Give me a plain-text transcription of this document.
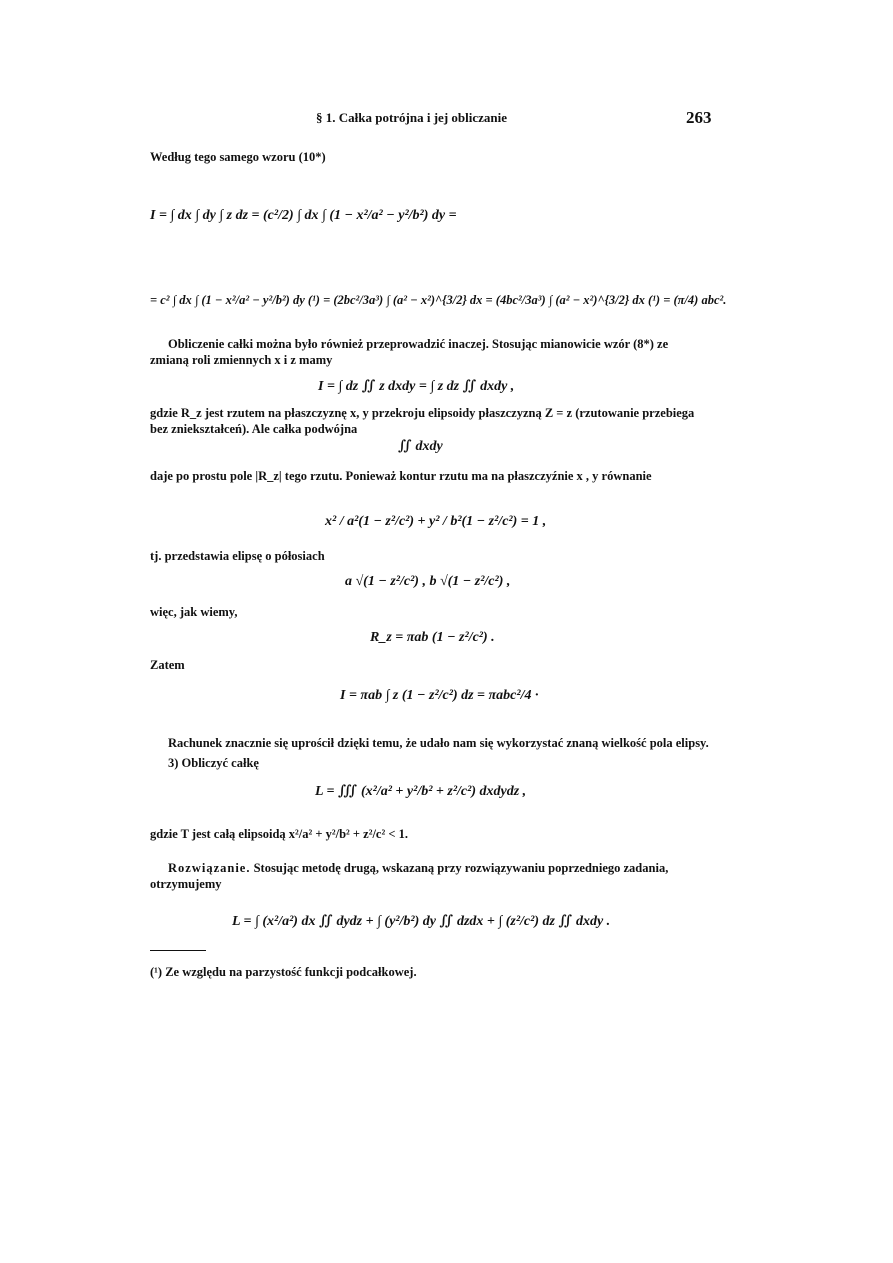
§ 1. Całka potrójna i jej obliczanie	263
Według tego samego wzoru (10*)
I = ∫ dx ∫ dy ∫ z dz = (c²/2) ∫ dx ∫ (1 − x²/a² − y²/b²) dy =
= c² ∫ dx ∫ (1 − x²/a² − y²/b²) dy (¹) = (2bc²/3a³) ∫ (a² − x²)^{3/2} dx = (4bc²/3a³) ∫ (a² − x²)^{3/2} dx (¹) = (π/4) abc².
Obliczenie całki można było również przeprowadzić inaczej. Stosując mianowicie wzór (8*) ze zmianą roli zmiennych x i z mamy
I = ∫ dz ∬ z dxdy = ∫ z dz ∬ dxdy ,
gdzie R_z jest rzutem na płaszczyznę x, y przekroju elipsoidy płaszczyzną Z = z (rzutowanie przebiega bez zniekształceń). Ale całka podwójna
∬ dxdy
daje po prostu pole |R_z| tego rzutu. Ponieważ kontur rzutu ma na płaszczyźnie x , y równanie
x² / a²(1 − z²/c²) + y² / b²(1 − z²/c²) = 1 ,
tj. przedstawia elipsę o półosiach
a √(1 − z²/c²) , b √(1 − z²/c²) ,
więc, jak wiemy,
R_z = πab (1 − z²/c²) .
Zatem
I = πab ∫ z (1 − z²/c²) dz = πabc²/4 ·
Rachunek znacznie się uprościł dzięki temu, że udało nam się wykorzystać znaną wielkość pola elipsy.
3) Obliczyć całkę
L = ∭ (x²/a² + y²/b² + z²/c²) dxdydz ,
gdzie T jest całą elipsoidą x²/a² + y²/b² + z²/c² < 1.
Rozwiązanie. Stosując metodę drugą, wskazaną przy rozwiązywaniu poprzedniego zadania, otrzymujemy
L = ∫ (x²/a²) dx ∬ dydz + ∫ (y²/b²) dy ∬ dzdx + ∫ (z²/c²) dz ∬ dxdy .
(¹) Ze względu na parzystość funkcji podcałkowej.
